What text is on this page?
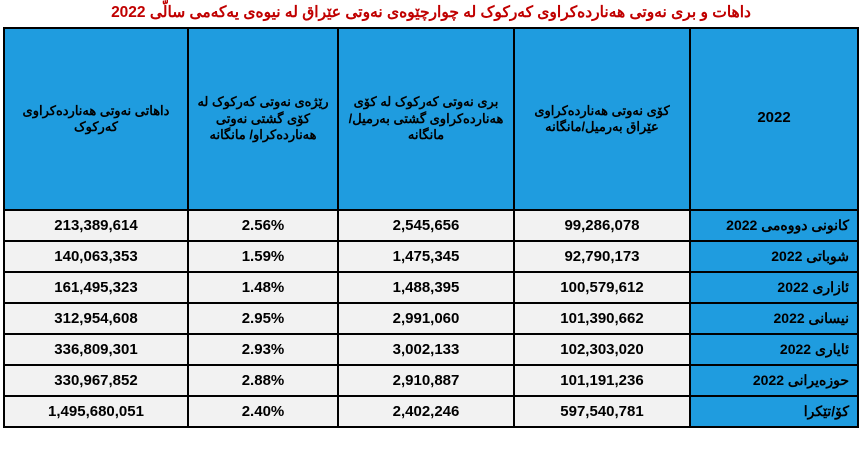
داهات و بری نەوتی هەناردەکراوی کەرکوک لە چوارچێوەی نەوتی عێراق لە نیوەی یەکەمی سالّی 2022
2022	کۆی نەوتی هەناردەکراوی عێراق بەرمیل/مانگانە	بری نەوتی کەرکوک لە کۆی هەناردەکراوی گشتی بەرمیل/مانگانە	رێژەی نەوتی کەرکوک لە کۆی گشتی نەوتی هەناردەکراو/ مانگانە	داهاتی نەوتی هەناردەکراوی کەرکوک
کانونی دووەمی 2022	99,286,078	2,545,656	2.56%	213,389,614
شوباتی 2022	92,790,173	1,475,345	1.59%	140,063,353
ئازاری 2022	100,579,612	1,488,395	1.48%	161,495,323
نیسانی 2022	101,390,662	2,991,060	2.95%	312,954,608
ئایاری 2022	102,303,020	3,002,133	2.93%	336,809,301
حوزەیرانی 2022	101,191,236	2,910,887	2.88%	330,967,852
کۆ/تێکرا	597,540,781	2,402,246	2.40%	1,495,680,051
